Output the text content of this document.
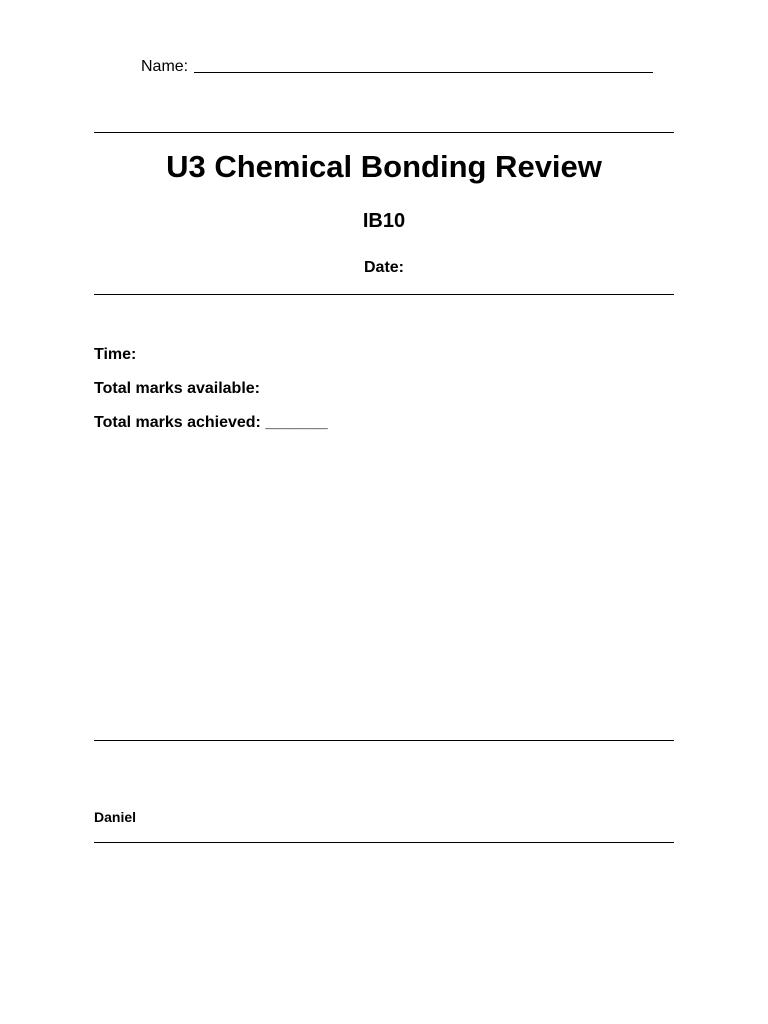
Name:
U3 Chemical Bonding Review
IB10
Date:
Time:
Total marks available:
Total marks achieved: _______
Daniel
